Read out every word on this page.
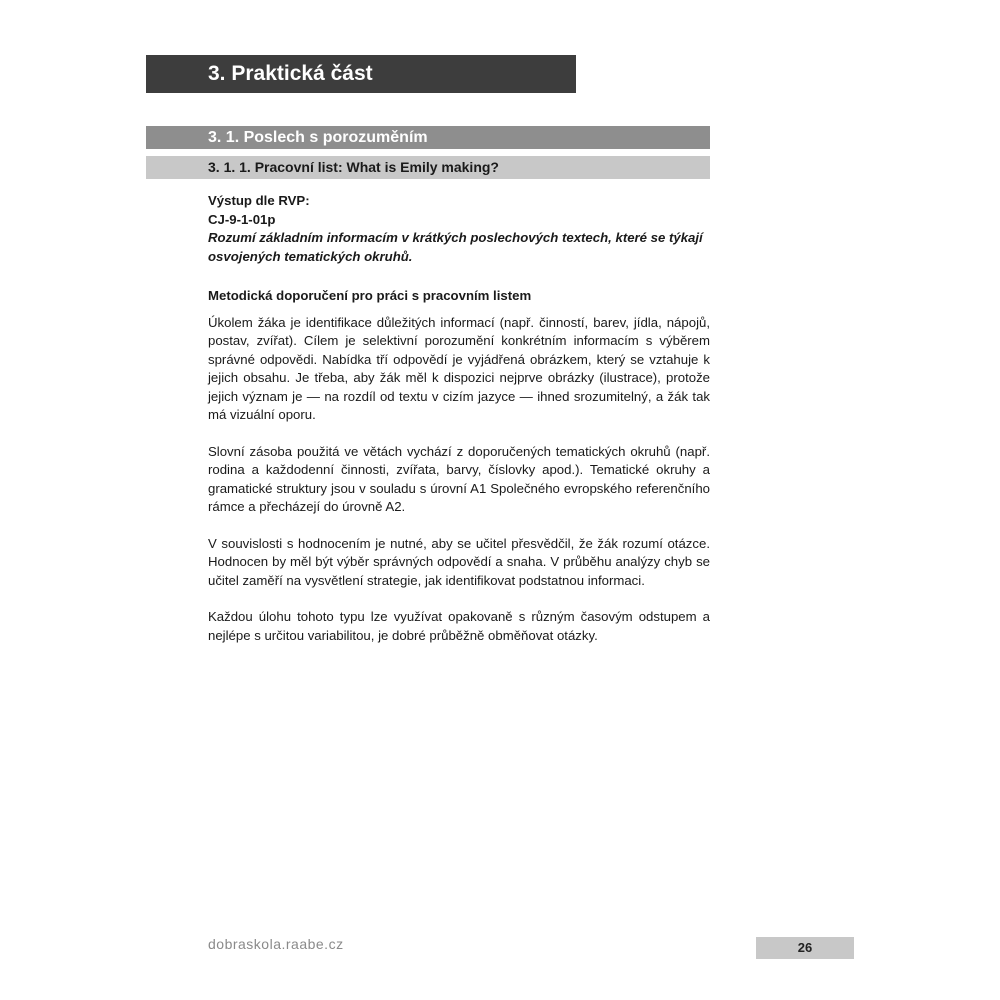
3. Praktická část
3. 1. Poslech s porozuměním
3. 1. 1. Pracovní list: What is Emily making?

Výstup dle RVP:

CJ-9-1-01p

Rozumí základním informacím v krátkých poslechových textech, které se týkají osvojených tematických okruhů.

Metodická doporučení pro práci s pracovním listem

Úkolem žáka je identifikace důležitých informací (např. činností, barev, jídla, nápojů, postav, zvířat). Cílem je selektivní porozumění konkrétním informacím s výběrem správné odpovědi. Nabídka tří odpovědí je vyjádřená obrázkem, který se vztahuje k jejich obsahu. Je třeba, aby žák měl k dispozici nejprve obrázky (ilustrace), protože jejich význam je — na rozdíl od textu v cizím jazyce — ihned srozumitelný, a žák tak má vizuální oporu.

Slovní zásoba použitá ve větách vychází z doporučených tematických okruhů (např. rodina a každodenní činnosti, zvířata, barvy, číslovky apod.). Tematické okruhy a gramatické struktury jsou v souladu s úrovní A1 Společného evropského referenčního rámce a přecházejí do úrovně A2.

V souvislosti s hodnocením je nutné, aby se učitel přesvědčil, že žák rozumí otázce. Hodnocen by měl být výběr správných odpovědí a snaha. V průběhu analýzy chyb se učitel zaměří na vysvětlení strategie, jak identifikovat podstatnou informaci.

Každou úlohu tohoto typu lze využívat opakovaně s různým časovým odstupem a nejlépe s určitou variabilitou, je dobré průběžně obměňovat otázky.

dobraskola.raabe.cz	26
